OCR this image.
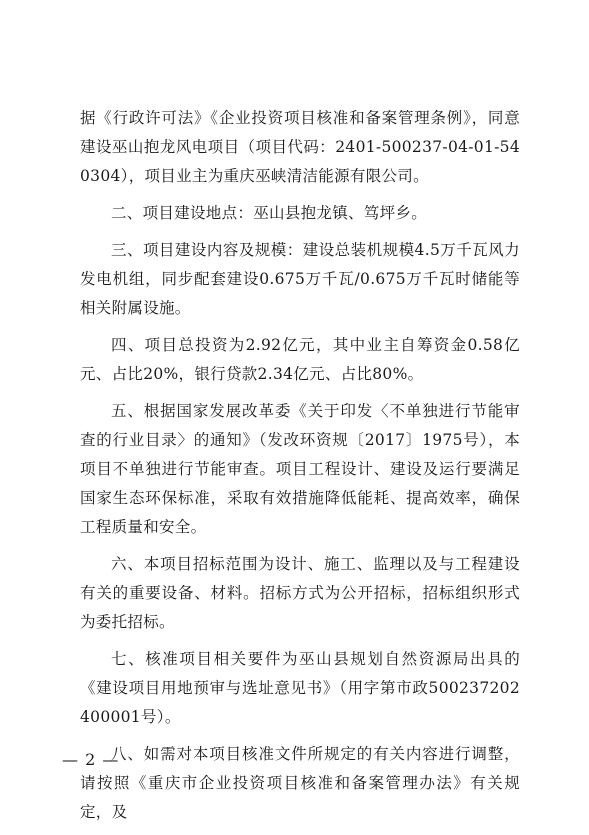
据《行政许可法》《企业投资项目核准和备案管理条例》，同意建设巫山抱龙风电项目（项目代码：2401-500237-04-01-540304），项目业主为重庆巫峡清洁能源有限公司。

二、项目建设地点：巫山县抱龙镇、笃坪乡。

三、项目建设内容及规模：建设总装机规模4.5万千瓦风力发电机组，同步配套建设0.675万千瓦/0.675万千瓦时储能等相关附属设施。

四、项目总投资为2.92亿元，其中业主自筹资金0.58亿元、占比20%，银行贷款2.34亿元、占比80%。

五、根据国家发展改革委《关于印发〈不单独进行节能审查的行业目录〉的通知》（发改环资规〔2017〕1975号），本项目不单独进行节能审查。项目工程设计、建设及运行要满足国家生态环保标准，采取有效措施降低能耗、提高效率，确保工程质量和安全。

六、本项目招标范围为设计、施工、监理以及与工程建设有关的重要设备、材料。招标方式为公开招标，招标组织形式为委托招标。

七、核准项目相关要件为巫山县规划自然资源局出具的《建设项目用地预审与选址意见书》（用字第市政500237202400001号）。

八、如需对本项目核准文件所规定的有关内容进行调整，请按照《重庆市企业投资项目核准和备案管理办法》有关规定，及

— 2 —
